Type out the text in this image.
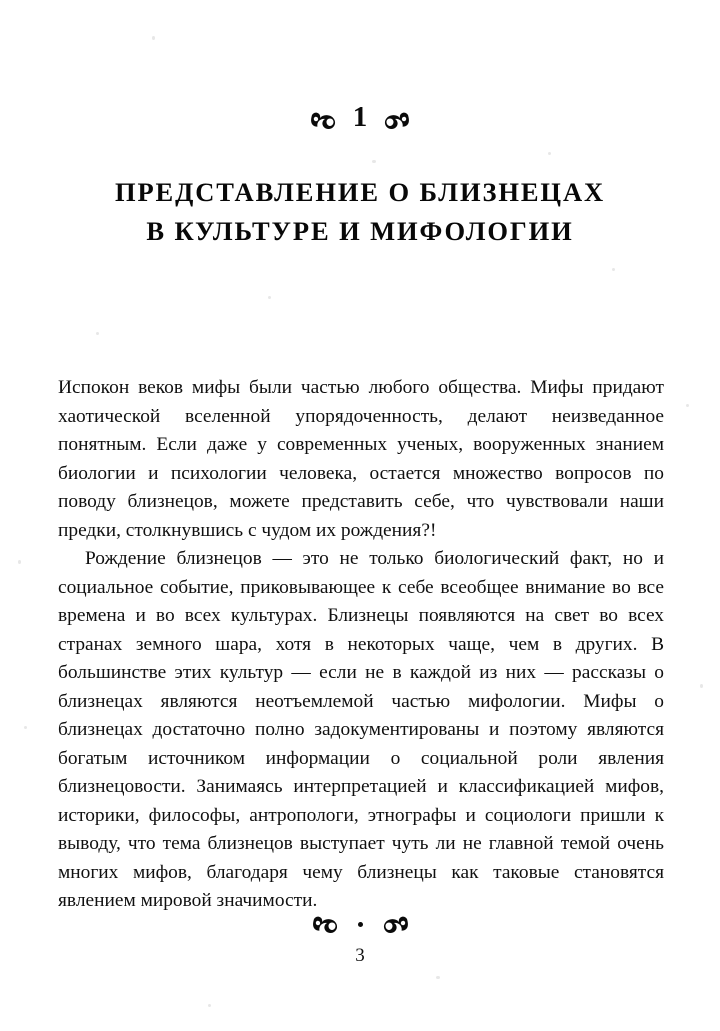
1
ПРЕДСТАВЛЕНИЕ О БЛИЗНЕЦАХ
В КУЛЬТУРЕ И МИФОЛОГИИ

Испокон веков мифы были частью любого общества. Мифы придают хаотической вселенной упорядоченность, делают неизведанное понятным. Если даже у современных ученых, вооруженных знанием биологии и психологии человека, остается множество вопросов по поводу близнецов, можете представить себе, что чувствовали наши предки, столкнувшись с чудом их рождения?!

Рождение близнецов — это не только биологический факт, но и социальное событие, приковывающее к себе всеобщее внимание во все времена и во всех культурах. Близнецы появляются на свет во всех странах земного шара, хотя в некоторых чаще, чем в других. В большинстве этих культур — если не в каждой из них — рассказы о близнецах являются неотъемлемой частью мифологии. Мифы о близнецах достаточно полно задокументированы и поэтому являются богатым источником информации о социальной роли явления близнецовости. Занимаясь интерпретацией и классификацией мифов, историки, философы, антропологи, этнографы и социологи пришли к выводу, что тема близнецов выступает чуть ли не главной темой очень многих мифов, благодаря чему близнецы как таковые становятся явлением мировой значимости.

3
